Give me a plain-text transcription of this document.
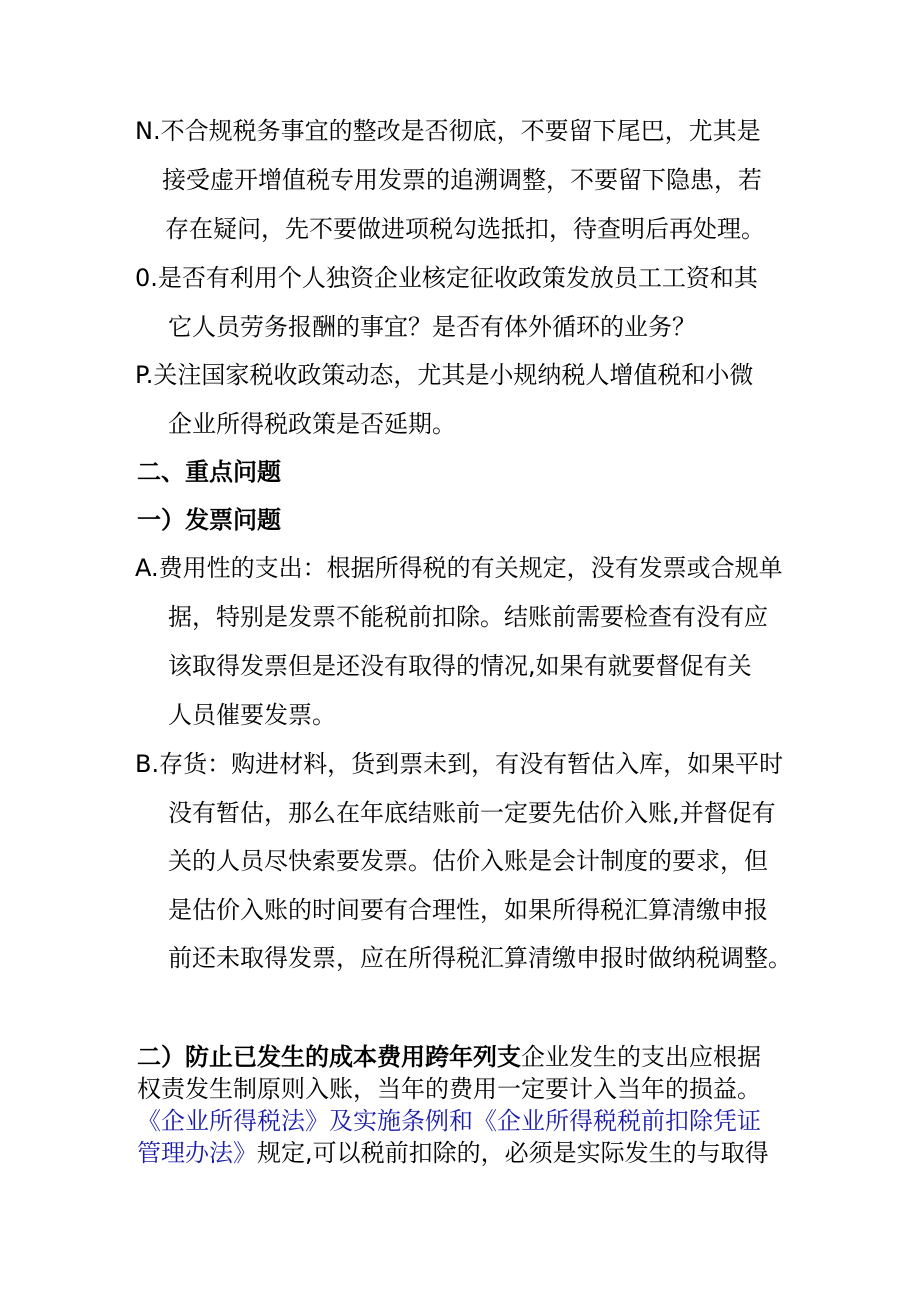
N.不合规税务事宜的整改是否彻底，不要留下尾巴，尤其是
接受虚开增值税专用发票的追溯调整，不要留下隐患，若
存在疑问，先不要做进项税勾选抵扣，待查明后再处理。
0.是否有利用个人独资企业核定征收政策发放员工工资和其
它人员劳务报酬的事宜？是否有体外循环的业务？
P.关注国家税收政策动态，尤其是小规纳税人增值税和小微
企业所得税政策是否延期。
二、重点问题
一）发票问题
A.费用性的支出：根据所得税的有关规定，没有发票或合规单
据，特别是发票不能税前扣除。结账前需要检查有没有应
该取得发票但是还没有取得的情况,如果有就要督促有关
人员催要发票。
B.存货：购进材料，货到票未到，有没有暂估入库，如果平时
没有暂估，那么在年底结账前一定要先估价入账,并督促有
关的人员尽快索要发票。估价入账是会计制度的要求，但
是估价入账的时间要有合理性，如果所得税汇算清缴申报
前还未取得发票，应在所得税汇算清缴申报时做纳税调整。
二）防止已发生的成本费用跨年列支企业发生的支出应根据
权责发生制原则入账，当年的费用一定要计入当年的损益。
《企业所得税法》及实施条例和《企业所得税税前扣除凭证
管理办法》规定,可以税前扣除的，必须是实际发生的与取得
